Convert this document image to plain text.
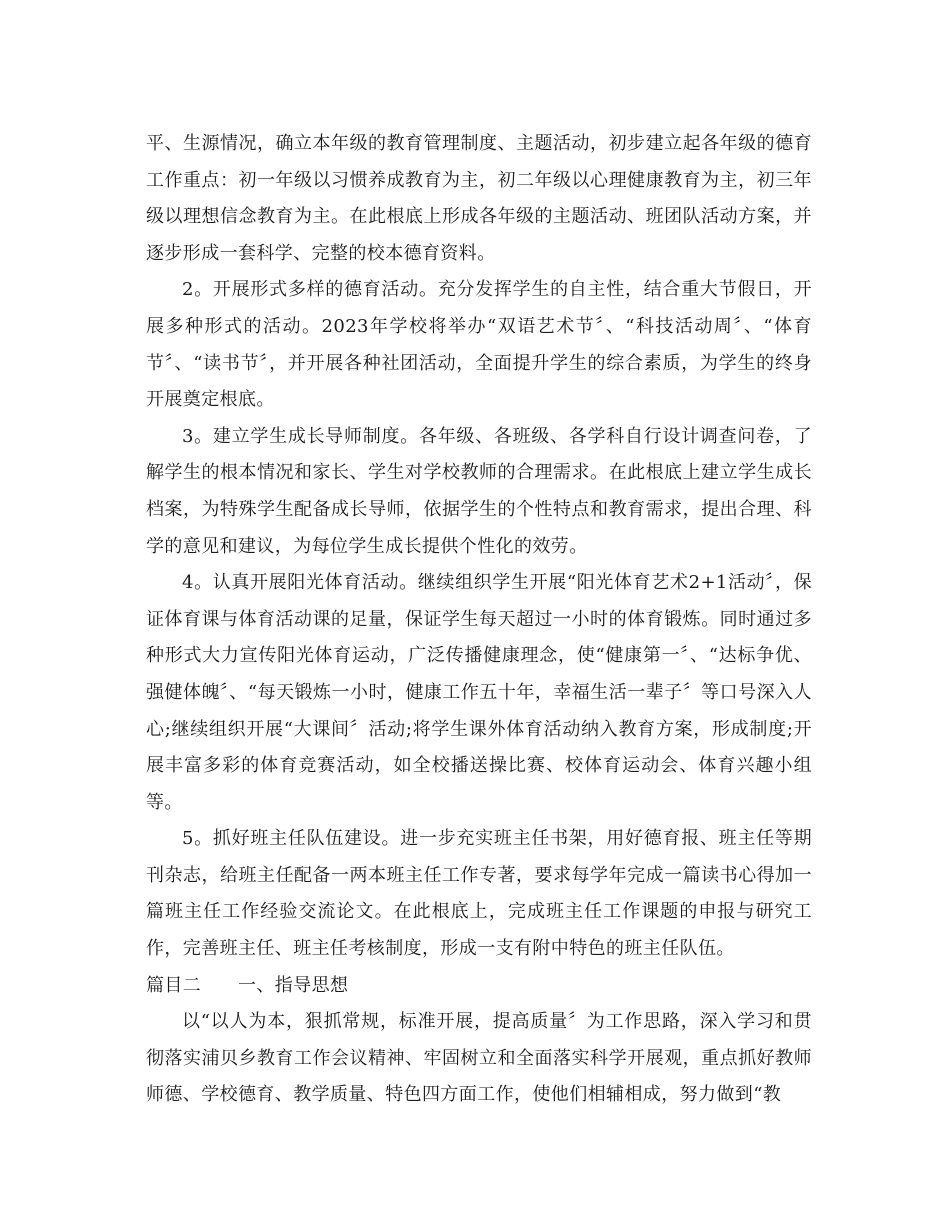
平、生源情况，确立本年级的教育管理制度、主题活动，初步建立起各年级的德育工作重点：初一年级以习惯养成教育为主，初二年级以心理健康教育为主，初三年级以理想信念教育为主。在此根底上形成各年级的主题活动、班团队活动方案，并逐步形成一套科学、完整的校本德育资料。

2。开展形式多样的德育活动。充分发挥学生的自主性，结合重大节假日，开展多种形式的活动。2023年学校将举办“双语艺术节〞、“科技活动周〞、“体育节〞、“读书节〞，并开展各种社团活动，全面提升学生的综合素质，为学生的终身开展奠定根底。

3。建立学生成长导师制度。各年级、各班级、各学科自行设计调查问卷，了解学生的根本情况和家长、学生对学校教师的合理需求。在此根底上建立学生成长档案，为特殊学生配备成长导师，依据学生的个性特点和教育需求，提出合理、科学的意见和建议，为每位学生成长提供个性化的效劳。

4。认真开展阳光体育活动。继续组织学生开展“阳光体育艺术2+1活动〞，保证体育课与体育活动课的足量，保证学生每天超过一小时的体育锻炼。同时通过多种形式大力宣传阳光体育运动，广泛传播健康理念，使“健康第一〞、“达标争优、强健体魄〞、“每天锻炼一小时，健康工作五十年，幸福生活一辈子〞等口号深入人心;继续组织开展“大课间〞活动;将学生课外体育活动纳入教育方案，形成制度;开展丰富多彩的体育竞赛活动，如全校播送操比赛、校体育运动会、体育兴趣小组等。

5。抓好班主任队伍建设。进一步充实班主任书架，用好德育报、班主任等期刊杂志，给班主任配备一两本班主任工作专著，要求每学年完成一篇读书心得加一篇班主任工作经验交流论文。在此根底上，完成班主任工作课题的申报与研究工作，完善班主任、班主任考核制度，形成一支有附中特色的班主任队伍。

篇目二	一、指导思想

以“以人为本，狠抓常规，标准开展，提高质量〞为工作思路，深入学习和贯彻落实浦贝乡教育工作会议精神、牢固树立和全面落实科学开展观，重点抓好教师师德、学校德育、教学质量、特色四方面工作，使他们相辅相成，努力做到“教
